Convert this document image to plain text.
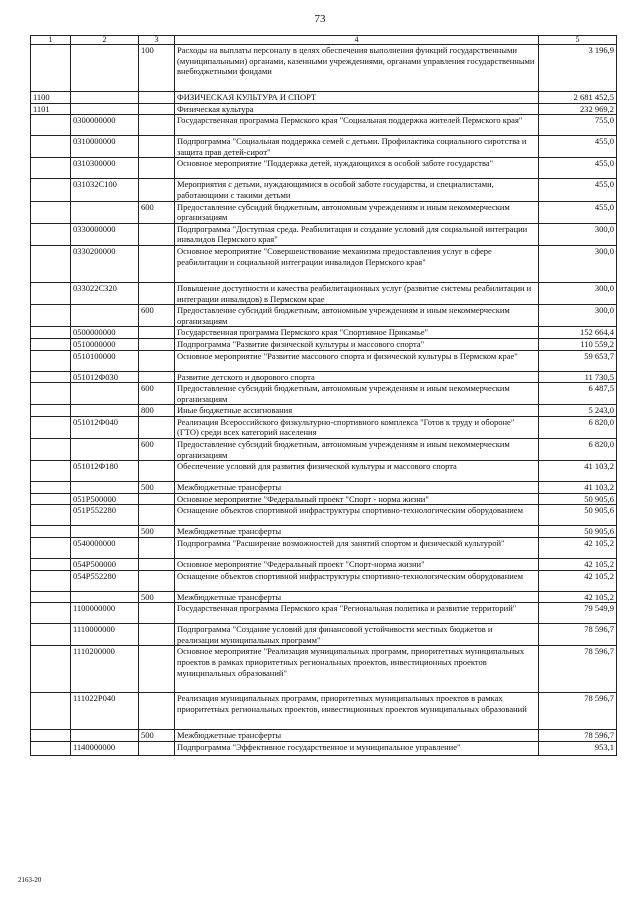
73
1	2	3	4	5
		100	Расходы на выплаты персоналу в целях обеспечения выполнения функций государственными (муниципальными) органами, казенными учреждениями, органами управления государственными внебюджетными фондами	3 196,9
1100			ФИЗИЧЕСКАЯ КУЛЬТУРА И СПОРТ	2 681 452,5
1101			Физическая культура	232 969,2
	0300000000		Государственная программа Пермского края "Социальная поддержка жителей Пермского края"	755,0
	0310000000		Подпрограмма "Социальная поддержка семей с детьми. Профилактика социального сиротства и защита прав детей-сирот"	455,0
	0310300000		Основное мероприятие "Поддержка детей, нуждающихся в особой заботе государства"	455,0
	031032С100		Мероприятия с детьми, нуждающимися в особой заботе государства, и специалистами, работающими с такими детьми	455,0
		600	Предоставление субсидий бюджетным, автономным учреждениям и иным некоммерческим организациям	455,0
	0330000000		Подпрограмма "Доступная среда. Реабилитация и создание условий для социальной интеграции инвалидов Пермского края"	300,0
	0330200000		Основное мероприятие "Совершенствование механизма предоставления услуг в сфере реабилитации и социальной интеграции инвалидов Пермского края"	300,0
	033022С320		Повышение доступности и качества реабилитационных услуг (развитие системы реабилитации и интеграции инвалидов) в Пермском крае	300,0
		600	Предоставление субсидий бюджетным, автономным учреждениям и иным некоммерческим организациям	300,0
	0500000000		Государственная программа Пермского края "Спортивное Прикамье"	152 664,4
	0510000000		Подпрограмма "Развитие физической культуры и массового спорта"	110 559,2
	0510100000		Основное мероприятие "Развитие массового спорта и физической культуры в Пермском крае"	59 653,7
	051012Ф030		Развитие детского и дворового спорта	11 730,5
		600	Предоставление субсидий бюджетным, автономным учреждениям и иным некоммерческим организациям	6 487,5
		800	Иные бюджетные ассигнования	5 243,0
	051012Ф040		Реализация Всероссийского физкультурно-спортивного комплекса "Готов к труду и обороне" (ГТО) среди всех категорий населения	6 820,0
		600	Предоставление субсидий бюджетным, автономным учреждениям и иным некоммерческим организациям	6 820,0
	051012Ф180		Обеспечение условий для развития физической культуры и массового спорта	41 103,2
		500	Межбюджетные трансферты	41 103,2
	051Р500000		Основное мероприятие "Федеральный проект "Спорт - норма жизни"	50 905,6
	051Р552280		Оснащение объектов спортивной инфраструктуры спортивно-технологическим оборудованием	50 905,6
		500	Межбюджетные трансферты	50 905,6
	0540000000		Подпрограмма "Расширение возможностей для занятий спортом и физической культурой"	42 105,2
	054Р500000		Основное мероприятие "Федеральный проект "Спорт-норма жизни"	42 105,2
	054Р552280		Оснащение объектов спортивной инфраструктуры спортивно-технологическим оборудованием	42 105,2
		500	Межбюджетные трансферты	42 105,2
	1100000000		Государственная программа Пермского края "Региональная политика и развитие территорий"	79 549,9
	1110000000		Подпрограмма "Создание условий для финансовой устойчивости местных бюджетов и реализации муниципальных программ"	78 596,7
	1110200000		Основное мероприятие "Реализация муниципальных программ, приоритетных муниципальных проектов в рамках приоритетных региональных проектов, инвестиционных проектов муниципальных образований"	78 596,7
	111022Р040		Реализация муниципальных программ, приоритетных муниципальных проектов в рамках приоритетных региональных проектов, инвестиционных проектов муниципальных образований	78 596,7
		500	Межбюджетные трансферты	78 596,7
	1140000000		Подпрограмма "Эффективное государственное и муниципальное управление"	953,1
2163-20
